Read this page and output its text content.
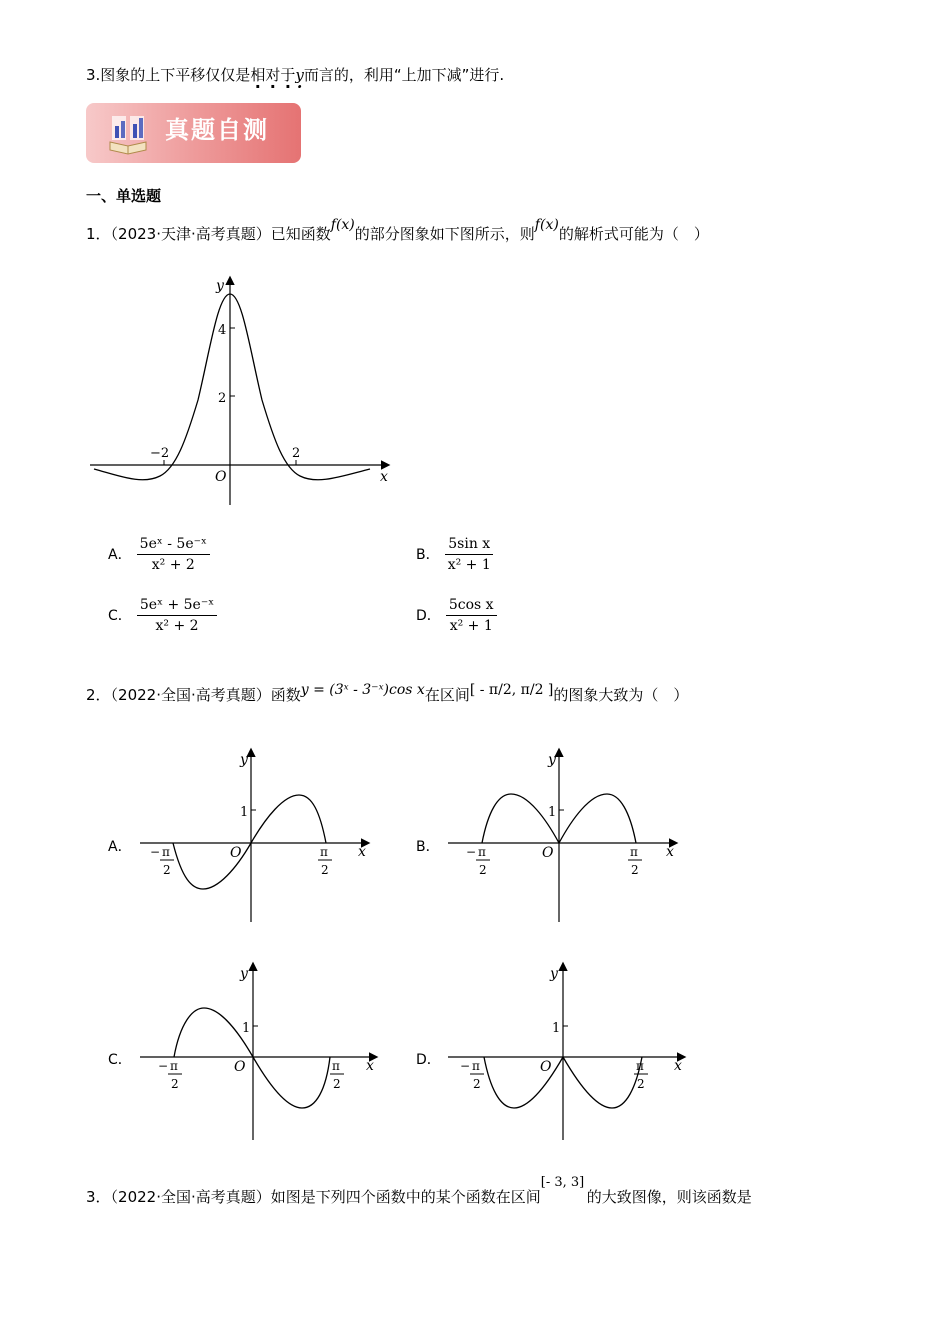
3.图象的上下平移仅仅是相对于y ·而言的，利用“上加下减”进行.
真题自测
一、单选题
1．（2023·天津·高考真题）已知函数f(x)的部分图象如下图所示，则f(x)的解析式可能为（　）
y
x
O
4
2
−2	2
A． $\frac{\text{5eˣ - 5e⁻ˣ}}{\text{x² + 2}}$	B． $\frac{\text{5sin x}}{\text{x² + 1}}$
C． $\frac{\text{5eˣ + 5e⁻ˣ}}{\text{x² + 2}}$	D． $\frac{\text{5cos x}}{\text{x² + 1}}$
2．（2022·全国·高考真题）函数y = (3ˣ - 3⁻ˣ)cos x在区间[ - π/2, π/2 ]的图象大致为（　）
A．	B．
C．	D．
y
x
O
1
− π
2
π
2
y
x
O
1
− π
2
π
2
y
x
O
1
− π
2
π
2
y
x
O
1
− π
2
π
2
3．（2022·全国·高考真题）如图是下列四个函数中的某个函数在区间[- 3, 3]的大致图像，则该函数是
